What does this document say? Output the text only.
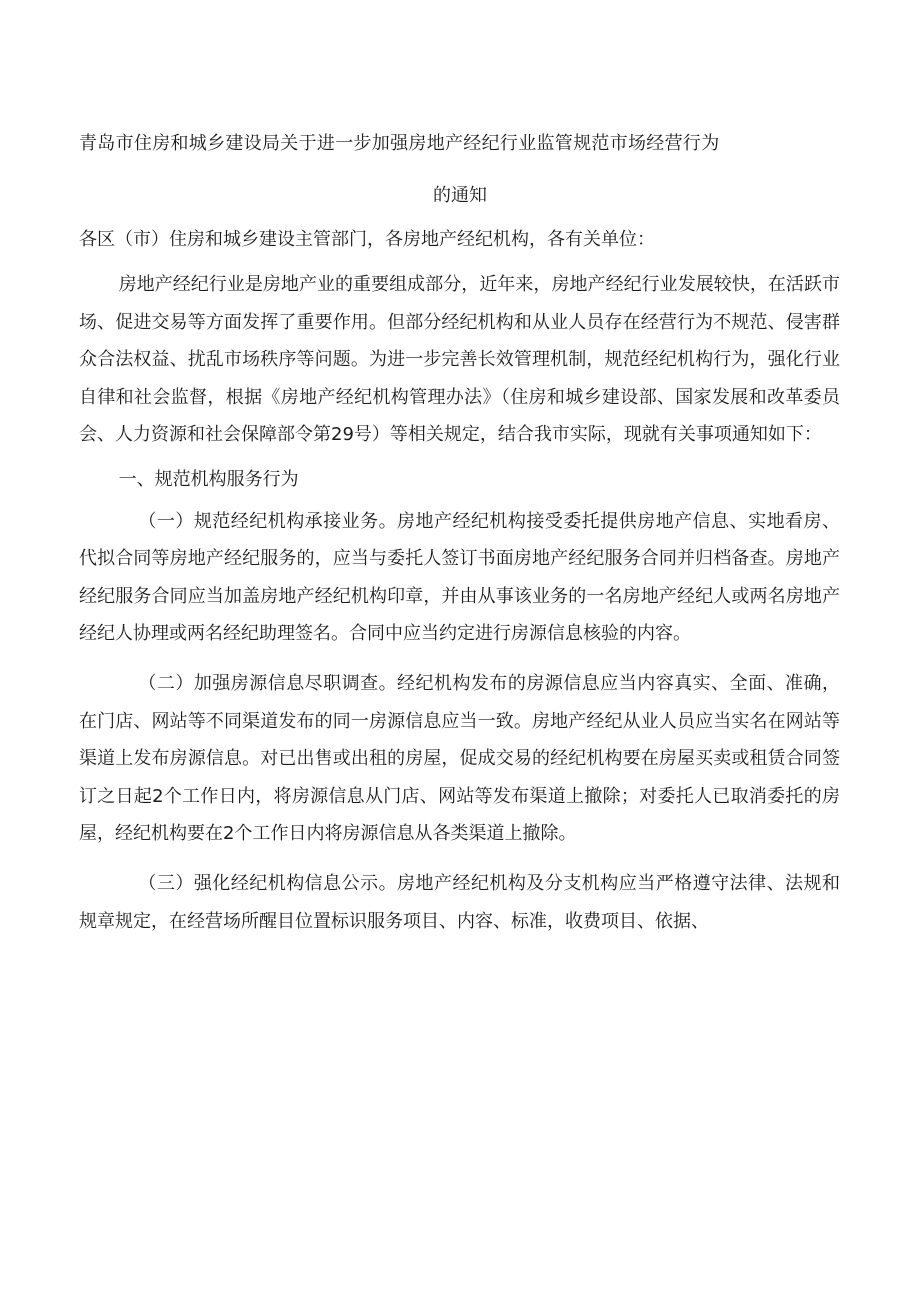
青岛市住房和城乡建设局关于进一步加强房地产经纪行业监管规范市场经营行为
的通知
各区（市）住房和城乡建设主管部门，各房地产经纪机构，各有关单位：

房地产经纪行业是房地产业的重要组成部分，近年来，房地产经纪行业发展较快，在活跃市场、促进交易等方面发挥了重要作用。但部分经纪机构和从业人员存在经营行为不规范、侵害群众合法权益、扰乱市场秩序等问题。为进一步完善长效管理机制，规范经纪机构行为，强化行业自律和社会监督，根据《房地产经纪机构管理办法》（住房和城乡建设部、国家发展和改革委员会、人力资源和社会保障部令第29号）等相关规定，结合我市实际，现就有关事项通知如下：

一、规范机构服务行为

（一）规范经纪机构承接业务。房地产经纪机构接受委托提供房地产信息、实地看房、代拟合同等房地产经纪服务的，应当与委托人签订书面房地产经纪服务合同并归档备查。房地产经纪服务合同应当加盖房地产经纪机构印章，并由从事该业务的一名房地产经纪人或两名房地产经纪人协理或两名经纪助理签名。合同中应当约定进行房源信息核验的内容。

（二）加强房源信息尽职调查。经纪机构发布的房源信息应当内容真实、全面、准确，在门店、网站等不同渠道发布的同一房源信息应当一致。房地产经纪从业人员应当实名在网站等渠道上发布房源信息。对已出售或出租的房屋，促成交易的经纪机构要在房屋买卖或租赁合同签订之日起2个工作日内，将房源信息从门店、网站等发布渠道上撤除；对委托人已取消委托的房屋，经纪机构要在2个工作日内将房源信息从各类渠道上撤除。

（三）强化经纪机构信息公示。房地产经纪机构及分支机构应当严格遵守法律、法规和规章规定，在经营场所醒目位置标识服务项目、内容、标准，收费项目、依据、
